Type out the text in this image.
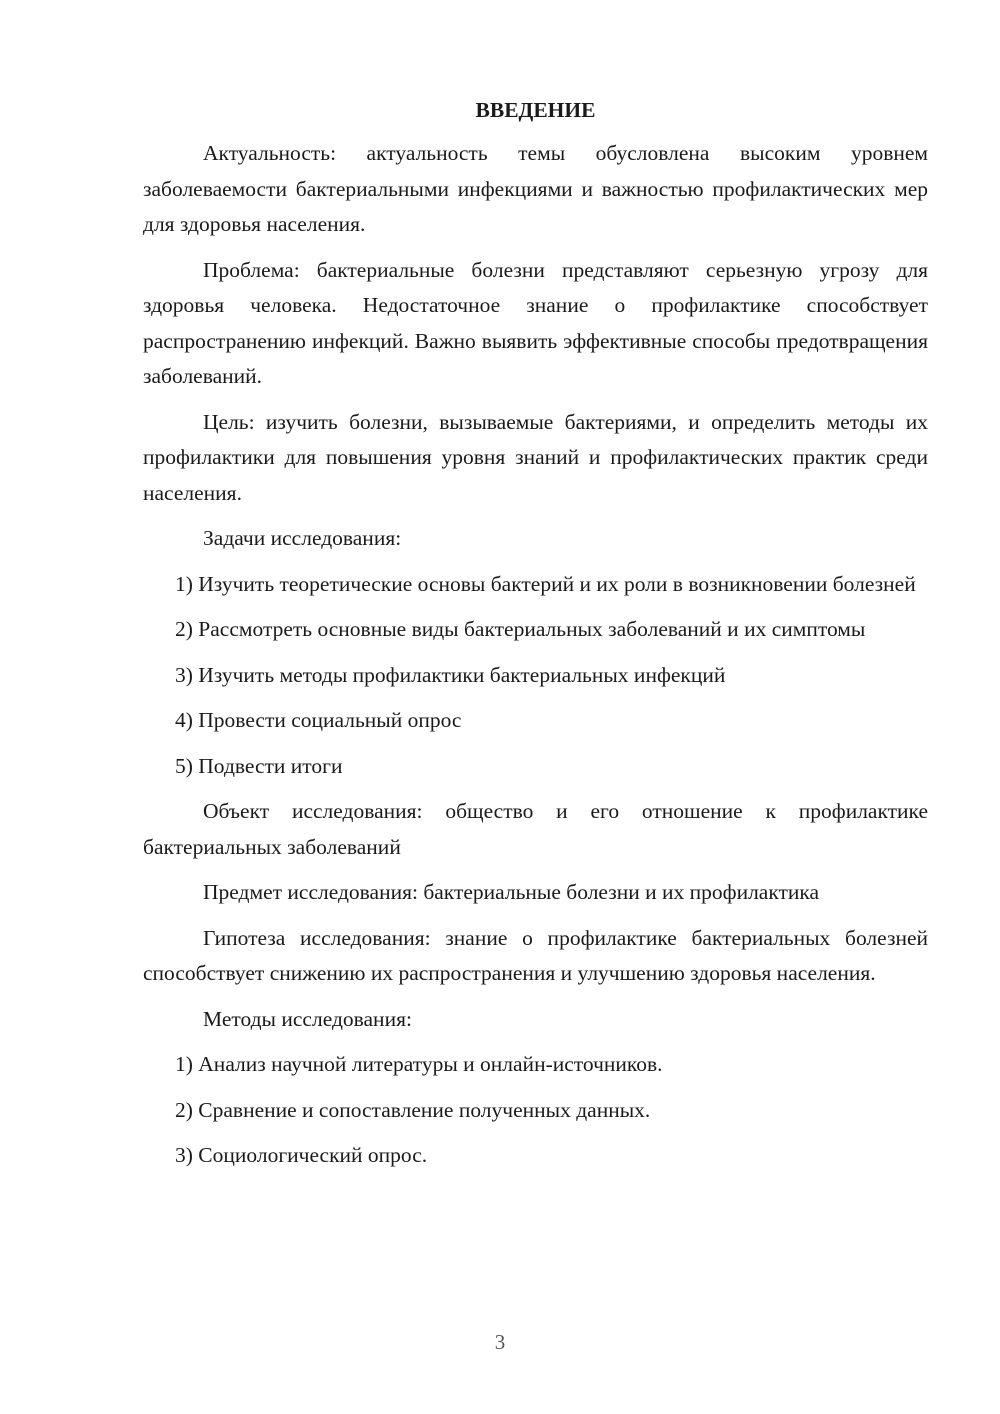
ВВЕДЕНИЕ

Актуальность: актуальность темы обусловлена высоким уровнем заболеваемости бактериальными инфекциями и важностью профилактических мер для здоровья населения.

Проблема: бактериальные болезни представляют серьезную угрозу для здоровья человека. Недостаточное знание о профилактике способствует распространению инфекций. Важно выявить эффективные способы предотвращения заболеваний.

Цель: изучить болезни, вызываемые бактериями, и определить методы их профилактики для повышения уровня знаний и профилактических практик среди населения.

Задачи исследования:

1) Изучить теоретические основы бактерий и их роли в возникновении болезней

2) Рассмотреть основные виды бактериальных заболеваний и их симптомы

3) Изучить методы профилактики бактериальных инфекций

4) Провести социальный опрос

5) Подвести итоги

Объект исследования: общество и его отношение к профилактике бактериальных заболеваний

Предмет исследования: бактериальные болезни и их профилактика

Гипотеза исследования: знание о профилактике бактериальных болезней способствует снижению их распространения и улучшению здоровья населения.

Методы исследования:

1) Анализ научной литературы и онлайн-источников.

2) Сравнение и сопоставление полученных данных.

3) Социологический опрос.

3
